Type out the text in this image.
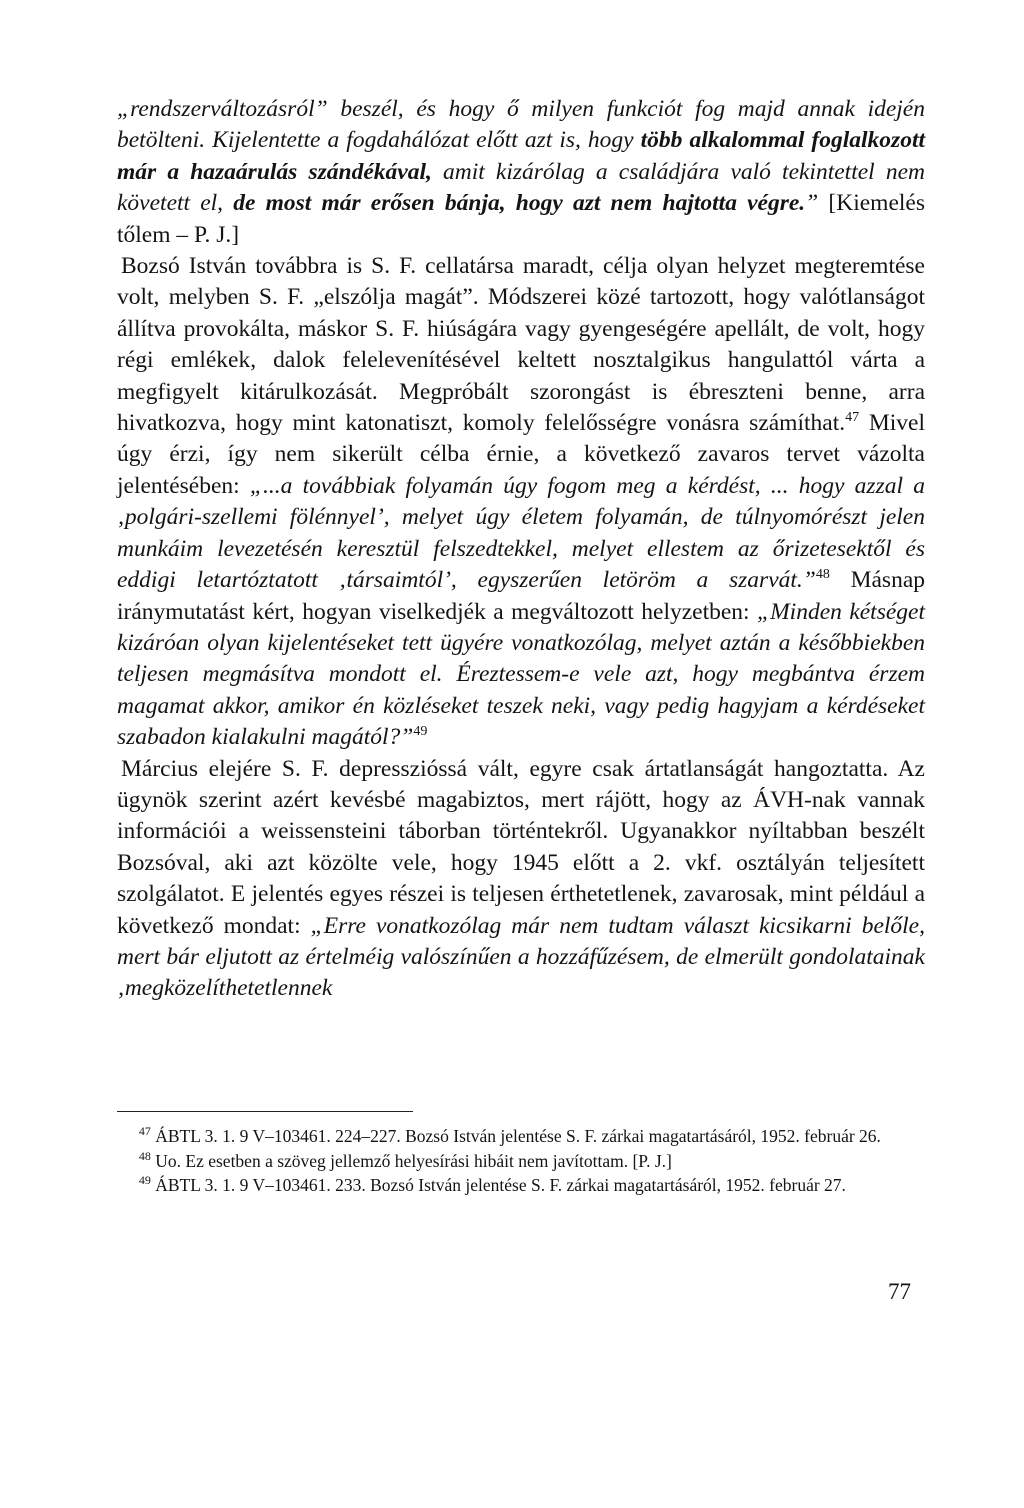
„rendszerváltozásról” beszél, és hogy ő milyen funkciót fog majd annak idején betölteni. Kijelentette a fogdahálózat előtt azt is, hogy több alkalommal foglalkozott már a hazaárulás szándékával, amit kizárólag a családjára való tekintettel nem követett el, de most már erősen bánja, hogy azt nem hajtotta végre.” [Kiemelés tőlem – P. J.]

Bozsó István továbbra is S. F. cellatársa maradt, célja olyan helyzet megteremtése volt, melyben S. F. „elszólja magát”. Módszerei közé tartozott, hogy valótlanságot állítva provokálta, máskor S. F. hiúságára vagy gyengeségére apellált, de volt, hogy régi emlékek, dalok felelevenítésével keltett nosztalgikus hangulattól várta a megfigyelt kitárulkozását. Megpróbált szorongást is ébreszteni benne, arra hivatkozva, hogy mint katonatiszt, komoly felelősségre vonásra számíthat.$^{47}$ Mivel úgy érzi, így nem sikerült célba érnie, a következő zavaros tervet vázolta jelentésében: „...a továbbiak folyamán úgy fogom meg a kérdést, ... hogy azzal a ‚polgári-szellemi fölénnyel’, melyet úgy életem folyamán, de túlnyomórészt jelen munkáim levezetésén keresztül felszedtekkel, melyet ellestem az őrizetesektől és eddigi letartóztatott ‚társaimtól’, egyszerűen letöröm a szarvát.”$^{48}$ Másnap iránymutatást kért, hogyan viselkedjék a megváltozott helyzetben: „Minden kétséget kizáróan olyan kijelentéseket tett ügyére vonatkozólag, melyet aztán a későbbiekben teljesen megmásítva mondott el. Éreztessem-e vele azt, hogy megbántva érzem magamat akkor, amikor én közléseket teszek neki, vagy pedig hagyjam a kérdéseket szabadon kialakulni magától?”$^{49}$

Március elejére S. F. depresszióssá vált, egyre csak ártatlanságát hangoztatta. Az ügynök szerint azért kevésbé magabiztos, mert rájött, hogy az ÁVH-nak vannak információi a weissensteini táborban történtekről. Ugyanakkor nyíltabban beszélt Bozsóval, aki azt közölte vele, hogy 1945 előtt a 2. vkf. osztályán teljesített szolgálatot. E jelentés egyes részei is teljesen érthetetlenek, zavarosak, mint például a következő mondat: „Erre vonatkozólag már nem tudtam választ kicsikarni belőle, mert bár eljutott az értelméig valószínűen a hozzáfűzésem, de elmerült gondolatainak ‚megközelíthetetlennek

$^{47}$ ÁBTL 3. 1. 9 V–103461. 224–227. Bozsó István jelentése S. F. zárkai magatartásáról, 1952. február 26.

$^{48}$ Uo. Ez esetben a szöveg jellemző helyesírási hibáit nem javítottam. [P. J.]

$^{49}$ ÁBTL 3. 1. 9 V–103461. 233. Bozsó István jelentése S. F. zárkai magatartásáról, 1952. február 27.

77
